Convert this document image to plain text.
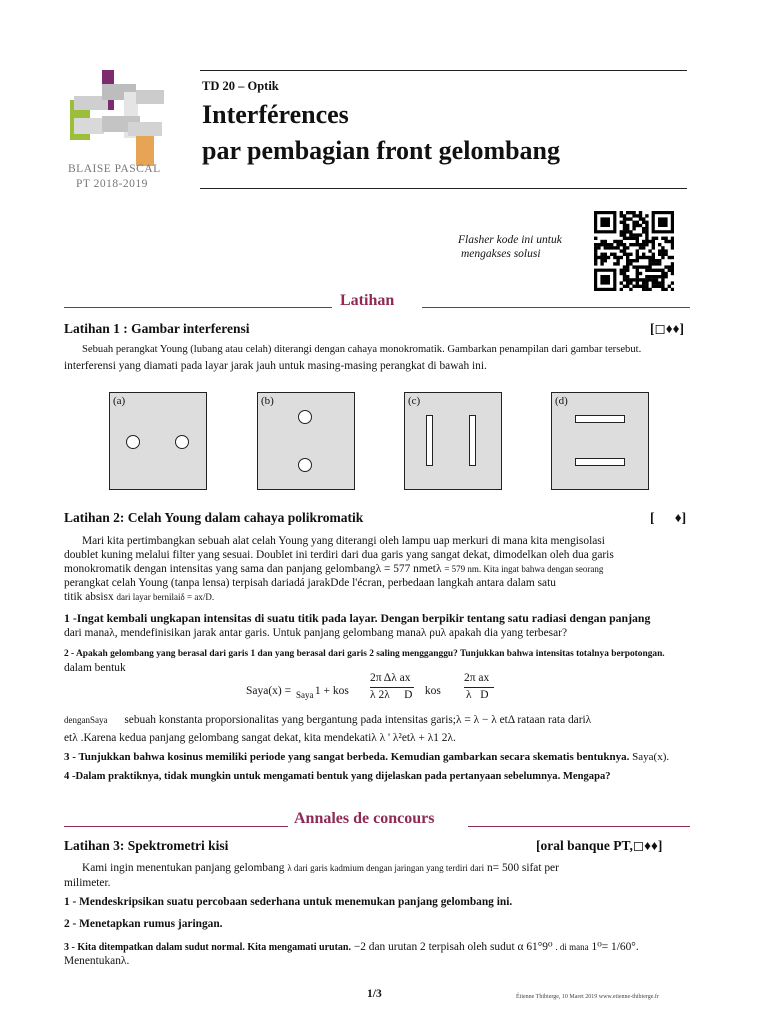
BLAISE PASCAL
PT 2018-2019
TD 20 – Optik
Interférences
par pembagian front gelombang
Flasher kode ini untuk
mengakses solusi
Latihan
Latihan 1 : Gambar interferensi	[◻♦♦]
Sebuah perangkat Young (lubang atau celah) diterangi dengan cahaya monokromatik. Gambarkan penampilan dari gambar tersebut.
interferensi yang diamati pada layar jarak jauh untuk masing-masing perangkat di bawah ini.
(a)	(b)	(c)	(d)
Latihan 2: Celah Young dalam cahaya polikromatik	[      ♦]
Mari kita pertimbangkan sebuah alat celah Young yang diterangi oleh lampu uap merkuri di mana kita mengisolasi
doublet kuning melalui filter yang sesuai. Doublet ini terdiri dari dua garis yang sangat dekat, dimodelkan oleh dua garis
monokromatik dengan intensitas yang sama dan panjang gelombangλ = 577 nmetλ = 579 nm. Kita ingat bahwa dengan seorang
perangkat celah Young (tanpa lensa) terpisah dariadá jarakDde l'écran, perbedaan langkah antara dalam satu
titik absisx dari layar bernilaiδ = ax/D.
1 -Ingat kembali ungkapan intensitas di suatu titik pada layar. Dengan berpikir tentang satu radiasi dengan panjang
dari manaλ, mendefinisikan jarak antar garis. Untuk panjang gelombang manaλ ρuλ apakah dia yang terbesar?
2 - Apakah gelombang yang berasal dari garis 1 dan yang berasal dari garis 2 saling mengganggu? Tunjukkan bahwa intensitas totalnya berpotongan.
dalam bentuk
Saya(x) = Saya
⁡ 1 + kos ⁡
2π Δλ ax
λ 2λ     D ⁡ kos ⁡
2π ax
λ   D
denganSaya sebuah konstanta proporsionalitas yang bergantung pada intensitas garis;λ = λ − λ etΔ rataan rata dariλ
etλ .Karena kedua panjang gelombang sangat dekat, kita mendekatiλ λ ' λ²etλ + λ1 2λ.
3 - Tunjukkan bahwa kosinus memiliki periode yang sangat berbeda. Kemudian gambarkan secara skematis bentuknya. Saya(x).
4 -Dalam praktiknya, tidak mungkin untuk mengamati bentuk yang dijelaskan pada pertanyaan sebelumnya. Mengapa?
Annales de concours
Latihan 3: Spektrometri kisi	[oral banque PT,◻♦♦]
Kami ingin menentukan panjang gelombang λ dari garis kadmium dengan jaringan yang terdiri dari n= 500 sifat per
milimeter.
1 - Mendeskripsikan suatu percobaan sederhana untuk menemukan panjang gelombang ini.
2 - Menetapkan rumus jaringan.
3 - Kita ditempatkan dalam sudut normal. Kita mengamati urutan. −2 dan urutan 2 terpisah oleh sudut α 61°9⁰ . di mana 1⁰= 1/60°.
Menentukanλ.
1/3	Étienne Thibierge, 10 Maret 2019 www.etienne-thibierge.fr
